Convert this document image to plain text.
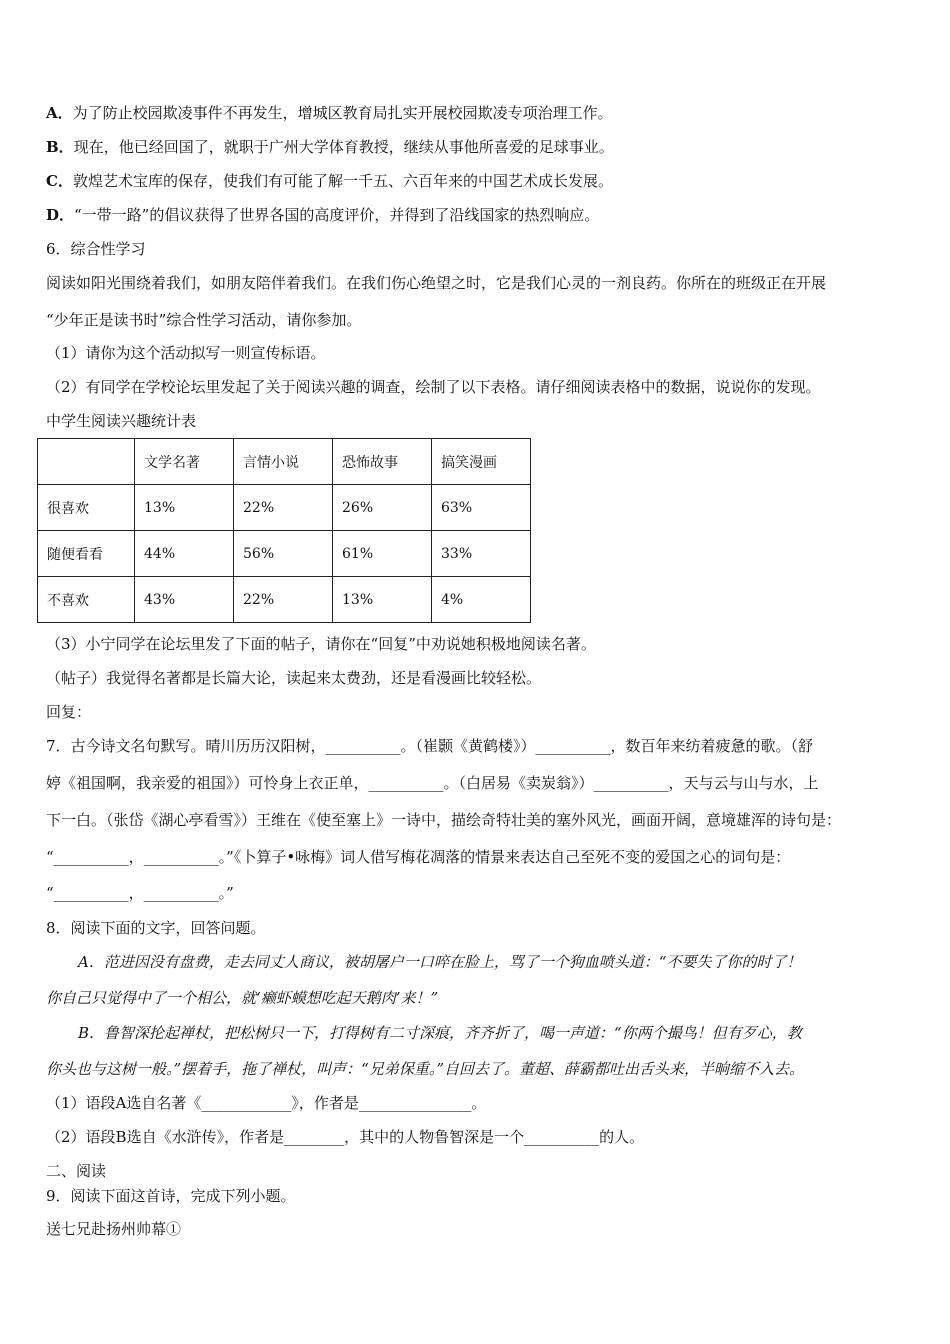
A．为了防止校园欺凌事件不再发生，增城区教育局扎实开展校园欺凌专项治理工作。
B．现在，他已经回国了，就职于广州大学体育教授，继续从事他所喜爱的足球事业。
C．敦煌艺术宝库的保存，使我们有可能了解一千五、六百年来的中国艺术成长发展。
D．“一带一路”的倡议获得了世界各国的高度评价，并得到了沿线国家的热烈响应。
6．综合性学习
阅读如阳光围绕着我们，如朋友陪伴着我们。在我们伤心绝望之时，它是我们心灵的一剂良药。你所在的班级正在开展
“少年正是读书时”综合性学习活动，请你参加。
（1）请你为这个活动拟写一则宣传标语。
（2）有同学在学校论坛里发起了关于阅读兴趣的调查，绘制了以下表格。请仔细阅读表格中的数据，说说你的发现。
中学生阅读兴趣统计表
	文学名著	言情小说	恐怖故事	搞笑漫画
很喜欢	13%	22%	26%	63%
随便看看	44%	56%	61%	33%
不喜欢	43%	22%	13%	4%
（3）小宁同学在论坛里发了下面的帖子，请你在“回复”中劝说她积极地阅读名著。
（帖子）我觉得名著都是长篇大论，读起来太费劲，还是看漫画比较轻松。
回复：
7．古今诗文名句默写。晴川历历汉阳树，__________。（崔颢《黄鹤楼》）__________，数百年来纺着疲惫的歌。（舒
婷《祖国啊，我亲爱的祖国》）可怜身上衣正单，__________。（白居易《卖炭翁》）__________，天与云与山与水，上
下一白。（张岱《湖心亭看雪》）王维在《使至塞上》一诗中，描绘奇特壮美的塞外风光，画面开阔，意境雄浑的诗句是：
“__________，__________。”《卜算子•咏梅》词人借写梅花凋落的情景来表达自己至死不变的爱国之心的词句是：
“__________，__________。”
8．阅读下面的文字，回答问题。
A．范进因没有盘费，走去同丈人商议，被胡屠户一口啐在脸上，骂了一个狗血喷头道：“不要失了你的时了！
你自己只觉得中了一个相公，就‘癞虾蟆想吃起天鹅肉’来！”
B．鲁智深抡起禅杖，把松树只一下，打得树有二寸深痕，齐齐折了，喝一声道：“你两个撮鸟！但有歹心，教
你头也与这树一般。”摆着手，拖了禅杖，叫声：“兄弟保重。”自回去了。董超、薛霸都吐出舌头来，半晌缩不入去。
（1）语段A选自名著《____________》，作者是_______________。
（2）语段B选自《水浒传》，作者是________，其中的人物鲁智深是一个__________的人。
二、阅读
9．阅读下面这首诗，完成下列小题。
送七兄赴扬州帅幕①
